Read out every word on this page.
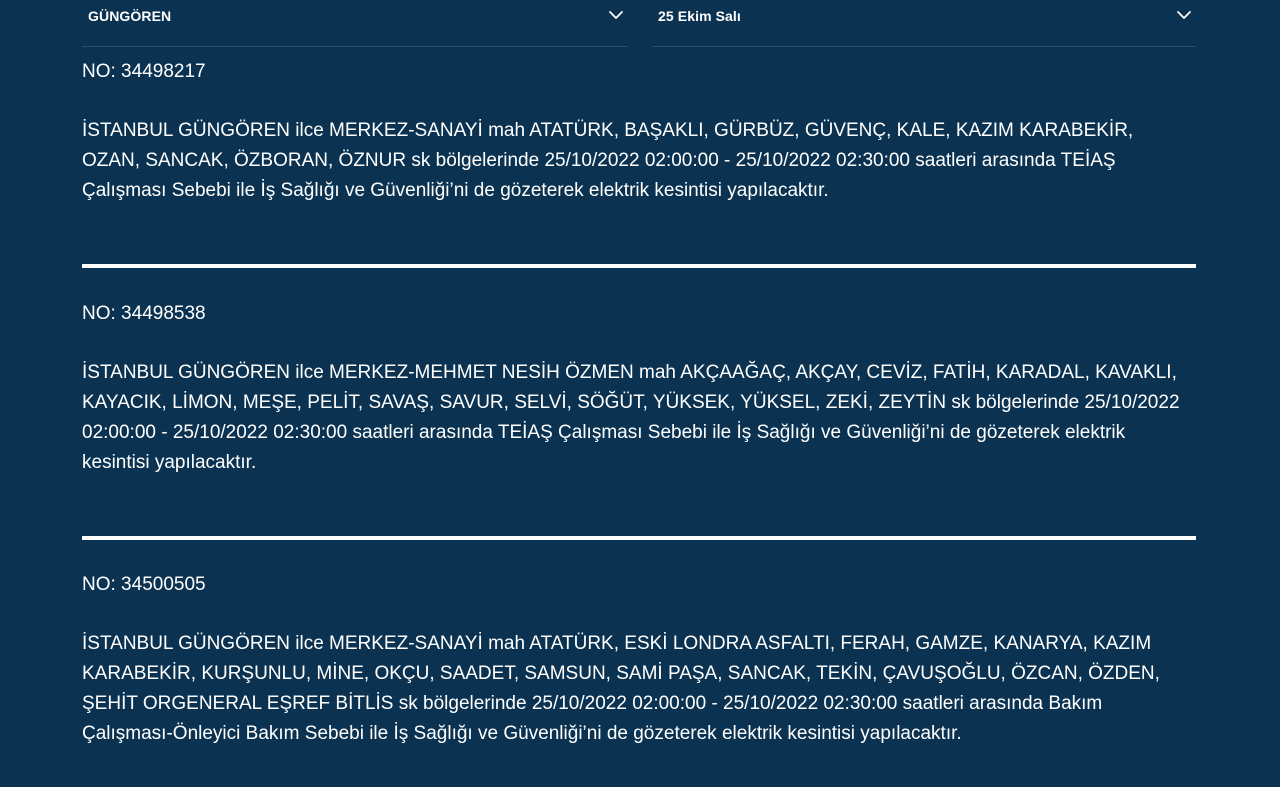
GÜNGÖREN	25 Ekim Salı

NO: 34498217

İSTANBUL GÜNGÖREN ilce MERKEZ-SANAYİ mah ATATÜRK, BAŞAKLI, GÜRBÜZ, GÜVENÇ, KALE, KAZIM KARABEKİR, OZAN, SANCAK, ÖZBORAN, ÖZNUR sk bölgelerinde 25/10/2022 02:00:00 - 25/10/2022 02:30:00 saatleri arasında TEİAŞ Çalışması Sebebi ile İş Sağlığı ve Güvenliği’ni de gözeterek elektrik kesintisi yapılacaktır.

NO: 34498538

İSTANBUL GÜNGÖREN ilce MERKEZ-MEHMET NESİH ÖZMEN mah AKÇAAĞAÇ, AKÇAY, CEVİZ, FATİH, KARADAL, KAVAKLI, KAYACIK, LİMON, MEŞE, PELİT, SAVAŞ, SAVUR, SELVİ, SÖĞÜT, YÜKSEK, YÜKSEL, ZEKİ, ZEYTİN sk bölgelerinde 25/10/2022 02:00:00 - 25/10/2022 02:30:00 saatleri arasında TEİAŞ Çalışması Sebebi ile İş Sağlığı ve Güvenliği’ni de gözeterek elektrik kesintisi yapılacaktır.

NO: 34500505

İSTANBUL GÜNGÖREN ilce MERKEZ-SANAYİ mah ATATÜRK, ESKİ LONDRA ASFALTI, FERAH, GAMZE, KANARYA, KAZIM KARABEKİR, KURŞUNLU, MİNE, OKÇU, SAADET, SAMSUN, SAMİ PAŞA, SANCAK, TEKİN, ÇAVUŞOĞLU, ÖZCAN, ÖZDEN, ŞEHİT ORGENERAL EŞREF BİTLİS sk bölgelerinde 25/10/2022 02:00:00 - 25/10/2022 02:30:00 saatleri arasında Bakım Çalışması-Önleyici Bakım Sebebi ile İş Sağlığı ve Güvenliği’ni de gözeterek elektrik kesintisi yapılacaktır.
